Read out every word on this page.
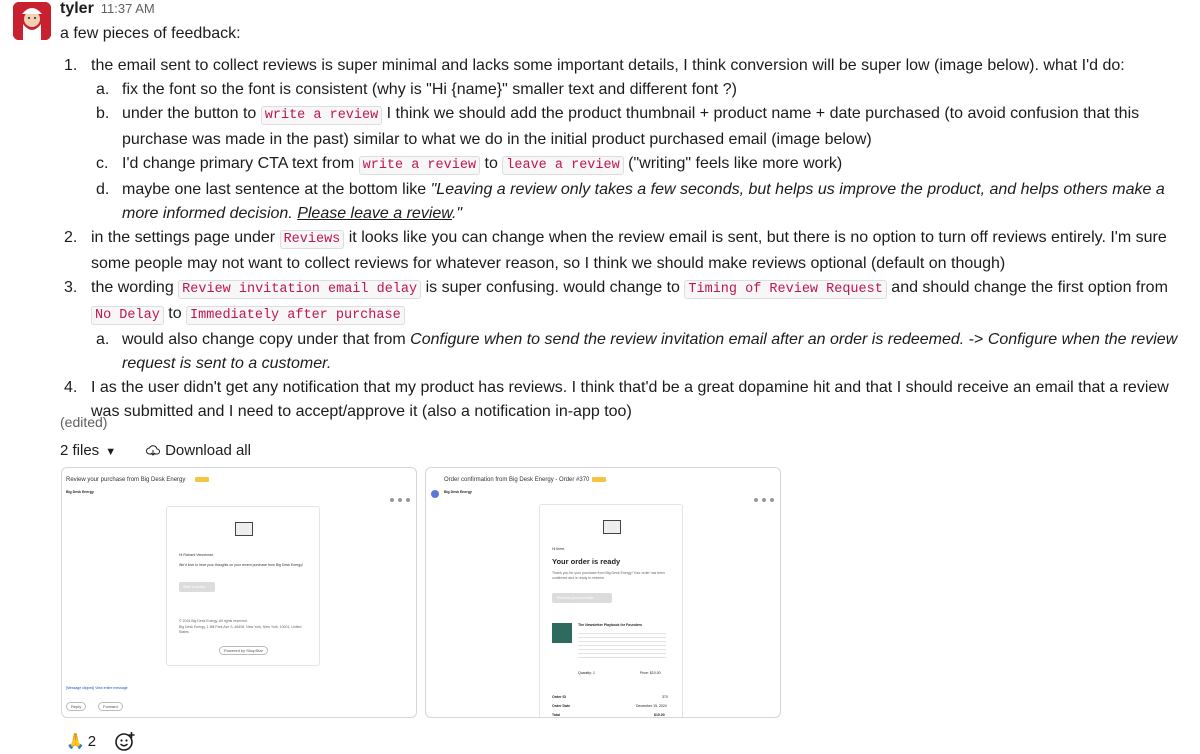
tyler 11:37 AM
a few pieces of feedback:
1. the email sent to collect reviews is super minimal and lacks some important details, I think conversion will be super low (image below). what I'd do:
a. fix the font so the font is consistent (why is "Hi {name}" smaller text and different font ?)
b. under the button to write a review I think we should add the product thumbnail + product name + date purchased (to avoid confusion that this purchase was made in the past) similar to what we do in the initial product purchased email (image below)
c. I'd change primary CTA text from write a review to leave a review ("writing" feels like more work)
d. maybe one last sentence at the bottom like "Leaving a review only takes a few seconds, but helps us improve the product, and helps others make a more informed decision. Please leave a review."
2. in the settings page under Reviews it looks like you can change when the review email is sent, but there is no option to turn off reviews entirely. I'm sure some people may not want to collect reviews for whatever reason, so I think we should make reviews optional (default on though)
3. the wording Review invitation email delay is super confusing. would change to Timing of Review Request and should change the first option from No Delay to Immediately after purchase
a. would also change copy under that from Configure when to send the review invitation email after an order is redeemed. -> Configure when the review request is sent to a customer.
4. I as the user didn't get any notification that my product has reviews. I think that'd be a great dopamine hit and that I should receive an email that a review was submitted and I need to accept/approve it (also a notification in-app too)
(edited)
2 files ▼	Download all
Review your purchase from Big Desk Energy
Big Desk Energy
Hi Richard Venneman,
We'd love to hear your thoughts on your recent purchase from Big Desk Energy!
Write a review
© 2024 Big Desk Energy. All rights reserved.
Big Desk Energy, 1 Bill Park Ave S, #6406, New York, New York, 10001, United States
Powered by ShopStar
[Message clipped] View entire message
Reply	Forward
Order confirmation from Big Desk Energy - Order #370
Big Desk Energy
Hi there,
Your order is ready
Thank you for your purchase from Big Desk Energy! Your order has been confirmed and is ready to redeem.
Redeem your purchase
The Newsletter Playbook for Founders
Quantity: 1	Price: $10.00
Order ID	370
Order Date	December 15, 2024
Total	$10.00
🙏 2
